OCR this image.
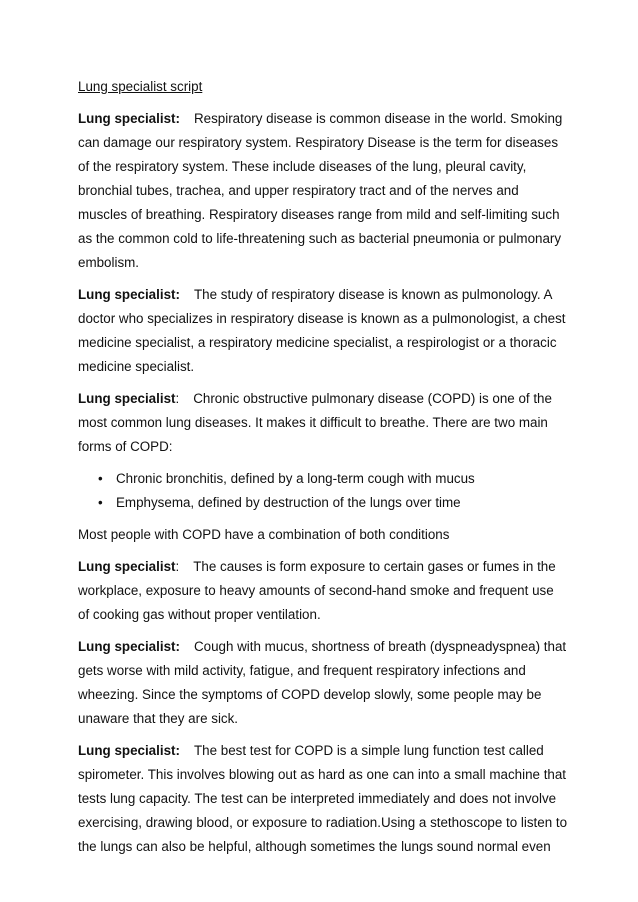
Lung specialist script

Lung specialist: Respiratory disease is common disease in the world. Smoking can damage our respiratory system. Respiratory Disease is the term for diseases of the respiratory system. These include diseases of the lung, pleural cavity, bronchial tubes, trachea, and upper respiratory tract and of the nerves and muscles of breathing. Respiratory diseases range from mild and self-limiting such as the common cold to life-threatening such as bacterial pneumonia or pulmonary embolism.

Lung specialist: The study of respiratory disease is known as pulmonology. A doctor who specializes in respiratory disease is known as a pulmonologist, a chest medicine specialist, a respiratory medicine specialist, a respirologist or a thoracic medicine specialist.

Lung specialist: Chronic obstructive pulmonary disease (COPD) is one of the most common lung diseases. It makes it difficult to breathe. There are two main forms of COPD:

• Chronic bronchitis, defined by a long-term cough with mucus
• Emphysema, defined by destruction of the lungs over time

Most people with COPD have a combination of both conditions

Lung specialist: The causes is form exposure to certain gases or fumes in the workplace, exposure to heavy amounts of second-hand smoke and frequent use of cooking gas without proper ventilation.

Lung specialist: Cough with mucus, shortness of breath (dyspneadyspnea) that gets worse with mild activity, fatigue, and frequent respiratory infections and wheezing. Since the symptoms of COPD develop slowly, some people may be unaware that they are sick.

Lung specialist: The best test for COPD is a simple lung function test called spirometer. This involves blowing out as hard as one can into a small machine that tests lung capacity. The test can be interpreted immediately and does not involve exercising, drawing blood, or exposure to radiation.Using a stethoscope to listen to the lungs can also be helpful, although sometimes the lungs sound normal even
